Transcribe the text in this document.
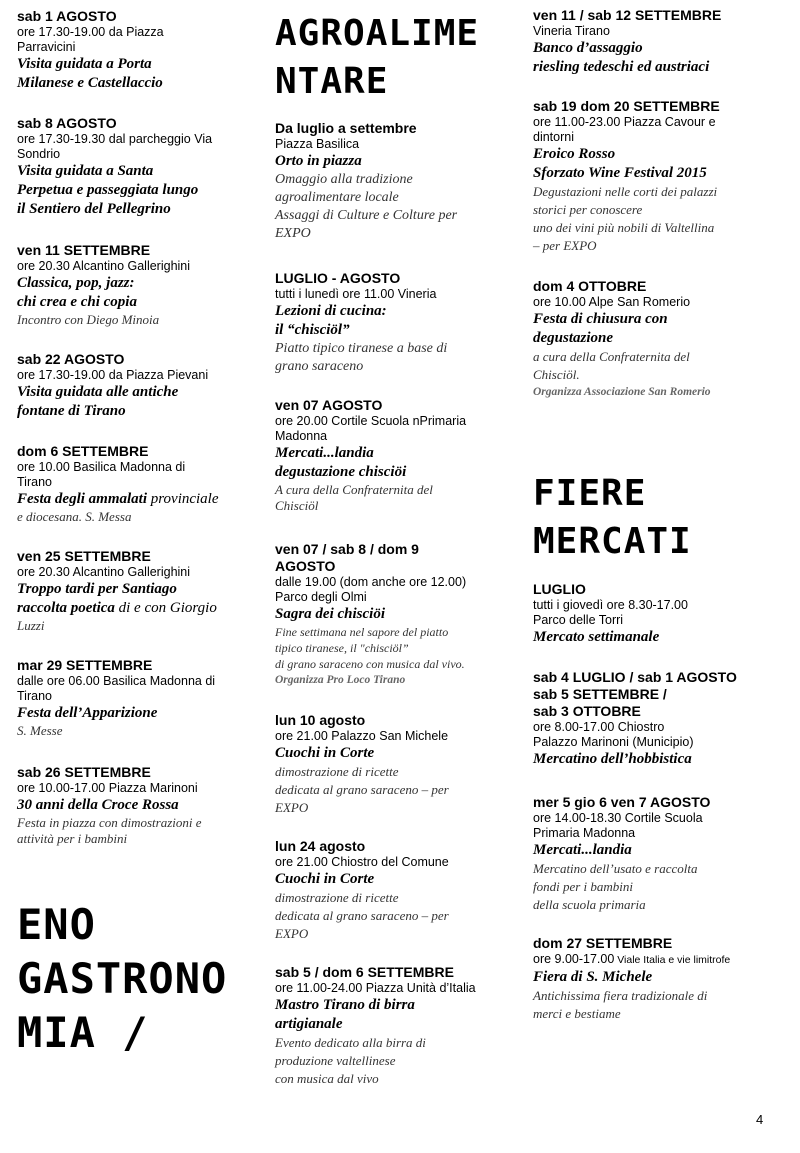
sab 1 AGOSTO

ore 17.30-19.00 da Piazza

Parravicini

Visita guidata a Porta

Milanese e Castellaccio

sab 8 AGOSTO

ore 17.30-19.30 dal parcheggio Via

Sondrio

Visita guidata a Santa

Perpetua e passeggiata lungo

il Sentiero del Pellegrino

ven 11 SETTEMBRE

ore 20.30 Alcantino Gallerighini

Classica, pop, jazz:

chi crea e chi copia

Incontro con Diego Minoia

sab 22 AGOSTO

ore 17.30-19.00 da Piazza Pievani

Visita guidata alle antiche

fontane di Tirano

dom 6 SETTEMBRE

ore 10.00 Basilica Madonna di

Tirano

Festa degli ammalati provinciale

e diocesana. S. Messa

ven 25 SETTEMBRE

ore 20.30 Alcantino Gallerighini

Troppo tardi per Santiago

raccolta poetica di e con Giorgio

Luzzi

mar 29 SETTEMBRE

dalle ore 06.00 Basilica Madonna di

Tirano

Festa dell’Apparizione

S. Messe

sab 26 SETTEMBRE

ore 10.00-17.00 Piazza Marinoni

30 anni della Croce Rossa

Festa in piazza con dimostrazioni e

attività per i bambini

ENO
GASTRONO
MIA /
AGROALIME
NTARE

Da luglio a settembre

Piazza Basilica

Orto in piazza

Omaggio alla tradizione

agroalimentare locale

Assaggi di Culture e Colture per

EXPO

LUGLIO - AGOSTO

tutti i lunedì ore 11.00 Vineria

Lezioni di cucina:

il “chisciöl”

Piatto tipico tiranese a base di

grano saraceno

ven 07 AGOSTO

ore 20.00 Cortile Scuola nPrimaria

Madonna

Mercati...landia

degustazione chisciöi

A cura della Confraternita del

Chisciöl

ven 07 / sab 8 / dom 9

AGOSTO

dalle 19.00 (dom anche ore 12.00)

Parco degli Olmi

Sagra dei chisciöi

Fine settimana nel sapore del piatto

tipico tiranese, il "chisciöl”

di grano saraceno con musica dal vivo.

Organizza Pro Loco Tirano

lun 10 agosto

ore 21.00 Palazzo San Michele

Cuochi in Corte

dimostrazione di ricette

dedicata al grano saraceno – per

EXPO

lun 24 agosto

ore 21.00 Chiostro del Comune

Cuochi in Corte

dimostrazione di ricette

dedicata al grano saraceno – per

EXPO

sab 5 / dom 6 SETTEMBRE

ore 11.00-24.00 Piazza Unità d’Italia

Mastro Tirano di birra

artigianale

Evento dedicato alla birra di

produzione valtellinese

con musica dal vivo

ven 11 / sab 12 SETTEMBRE

Vineria Tirano

Banco d’assaggio

riesling tedeschi ed austriaci

sab 19 dom 20 SETTEMBRE

ore 11.00-23.00 Piazza Cavour e

dintorni

Eroico Rosso

Sforzato Wine Festival 2015

Degustazioni nelle corti dei palazzi

storici per conoscere

uno dei vini più nobili di Valtellina

– per EXPO

dom 4 OTTOBRE

ore 10.00 Alpe San Romerio

Festa di chiusura con

degustazione

a cura della Confraternita del

Chisciöl.

Organizza Associazione San Romerio

FIERE
MERCATI

LUGLIO

tutti i giovedì ore 8.30-17.00

Parco delle Torri

Mercato settimanale

sab 4 LUGLIO / sab 1 AGOSTO

sab 5 SETTEMBRE /

sab 3 OTTOBRE

ore 8.00-17.00 Chiostro

Palazzo Marinoni (Municipio)

Mercatino dell’hobbistica

mer 5 gio 6 ven 7 AGOSTO

ore 14.00-18.30 Cortile Scuola

Primaria Madonna

Mercati...landia

Mercatino dell’usato e raccolta

fondi per i bambini

della scuola primaria

dom 27 SETTEMBRE

ore 9.00-17.00 Viale Italia e vie limitrofe

Fiera di S. Michele

Antichissima fiera tradizionale di

merci e bestiame

4
